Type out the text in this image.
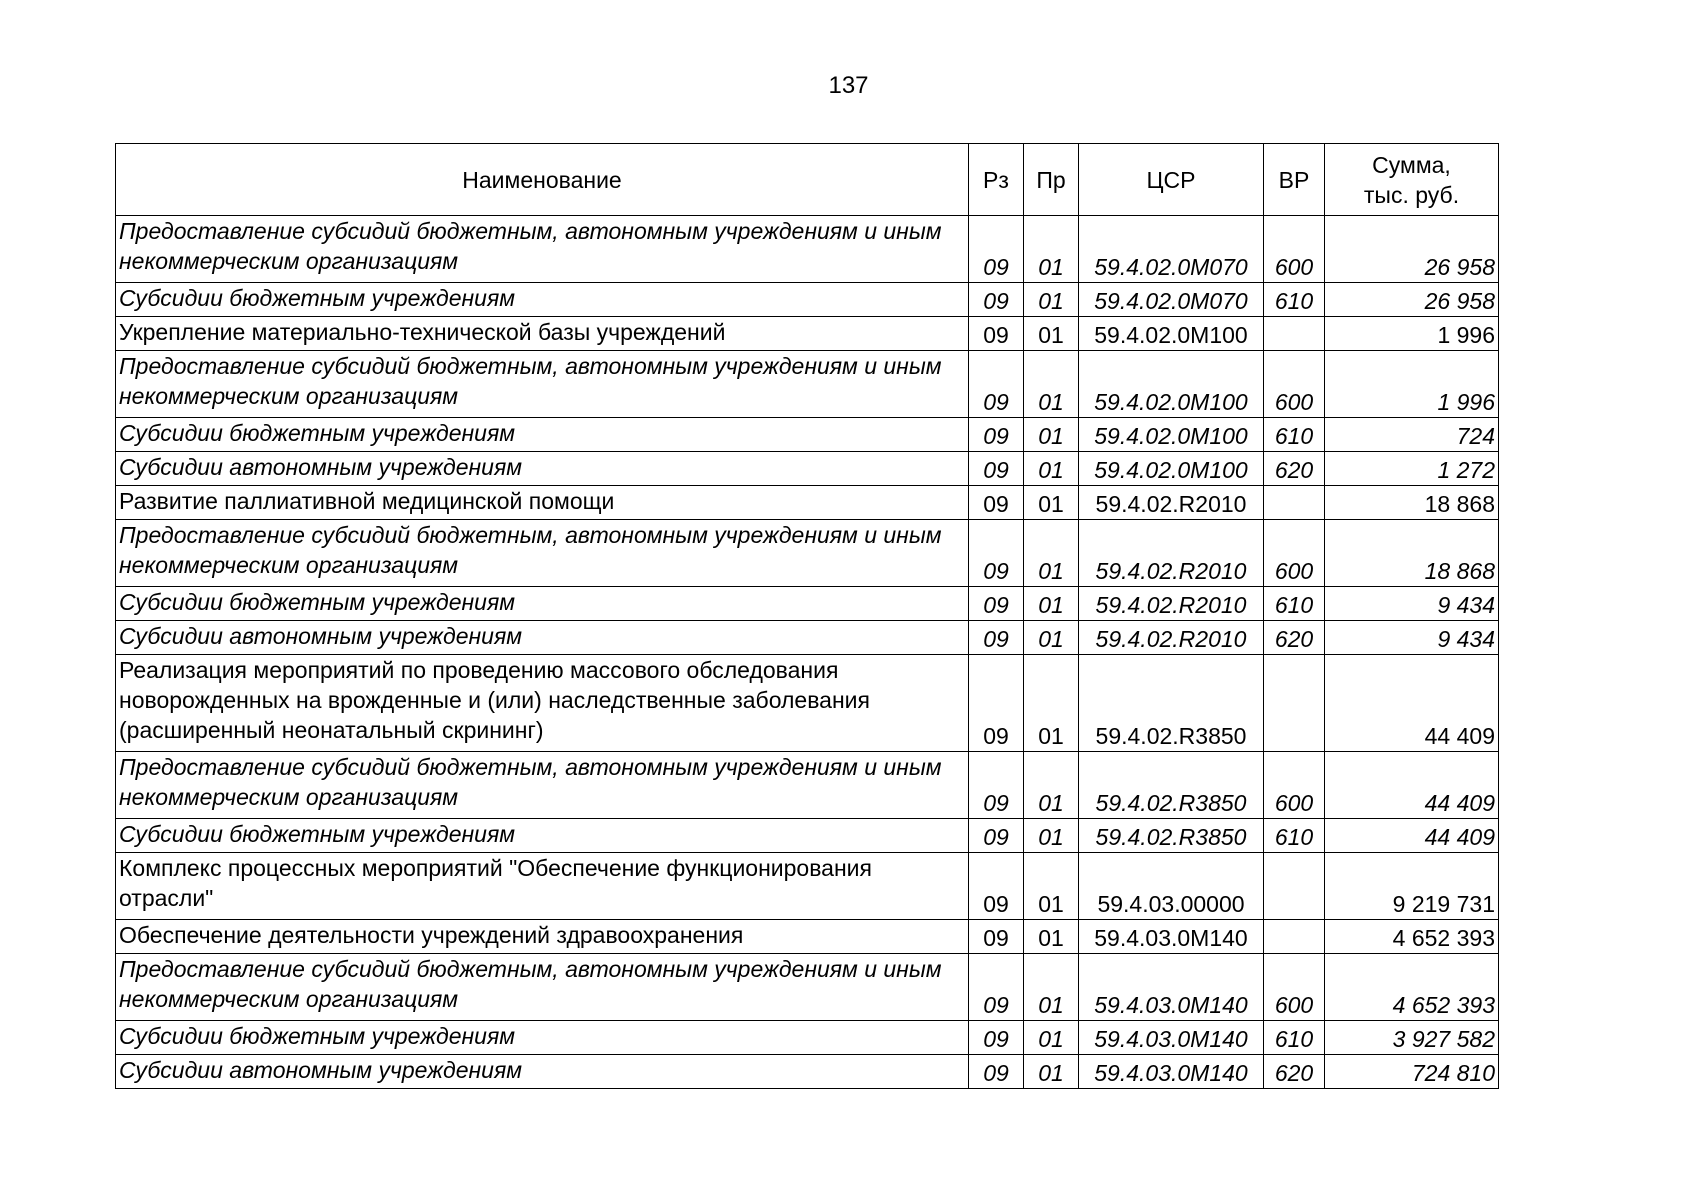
137
Наименование	Рз	Пр	ЦСР	ВР	Сумма,
тыс. руб.
Предоставление субсидий бюджетным, автономным учреждениям и иным некоммерческим организациям	09	01	59.4.02.0М070	600	26 958
Субсидии бюджетным учреждениям	09	01	59.4.02.0М070	610	26 958
Укрепление материально-технической базы учреждений	09	01	59.4.02.0М100		1 996
Предоставление субсидий бюджетным, автономным учреждениям и иным некоммерческим организациям	09	01	59.4.02.0М100	600	1 996
Субсидии бюджетным учреждениям	09	01	59.4.02.0М100	610	724
Субсидии автономным учреждениям	09	01	59.4.02.0М100	620	1 272
Развитие паллиативной медицинской помощи	09	01	59.4.02.R2010		18 868
Предоставление субсидий бюджетным, автономным учреждениям и иным некоммерческим организациям	09	01	59.4.02.R2010	600	18 868
Субсидии бюджетным учреждениям	09	01	59.4.02.R2010	610	9 434
Субсидии автономным учреждениям	09	01	59.4.02.R2010	620	9 434
Реализация мероприятий по проведению массового обследования новорожденных на врожденные и (или) наследственные заболевания (расширенный неонатальный скрининг)	09	01	59.4.02.R3850		44 409
Предоставление субсидий бюджетным, автономным учреждениям и иным некоммерческим организациям	09	01	59.4.02.R3850	600	44 409
Субсидии бюджетным учреждениям	09	01	59.4.02.R3850	610	44 409
Комплекс процессных мероприятий "Обеспечение функционирования отрасли"	09	01	59.4.03.00000		9 219 731
Обеспечение деятельности учреждений здравоохранения	09	01	59.4.03.0М140		4 652 393
Предоставление субсидий бюджетным, автономным учреждениям и иным некоммерческим организациям	09	01	59.4.03.0М140	600	4 652 393
Субсидии бюджетным учреждениям	09	01	59.4.03.0М140	610	3 927 582
Субсидии автономным учреждениям	09	01	59.4.03.0М140	620	724 810
